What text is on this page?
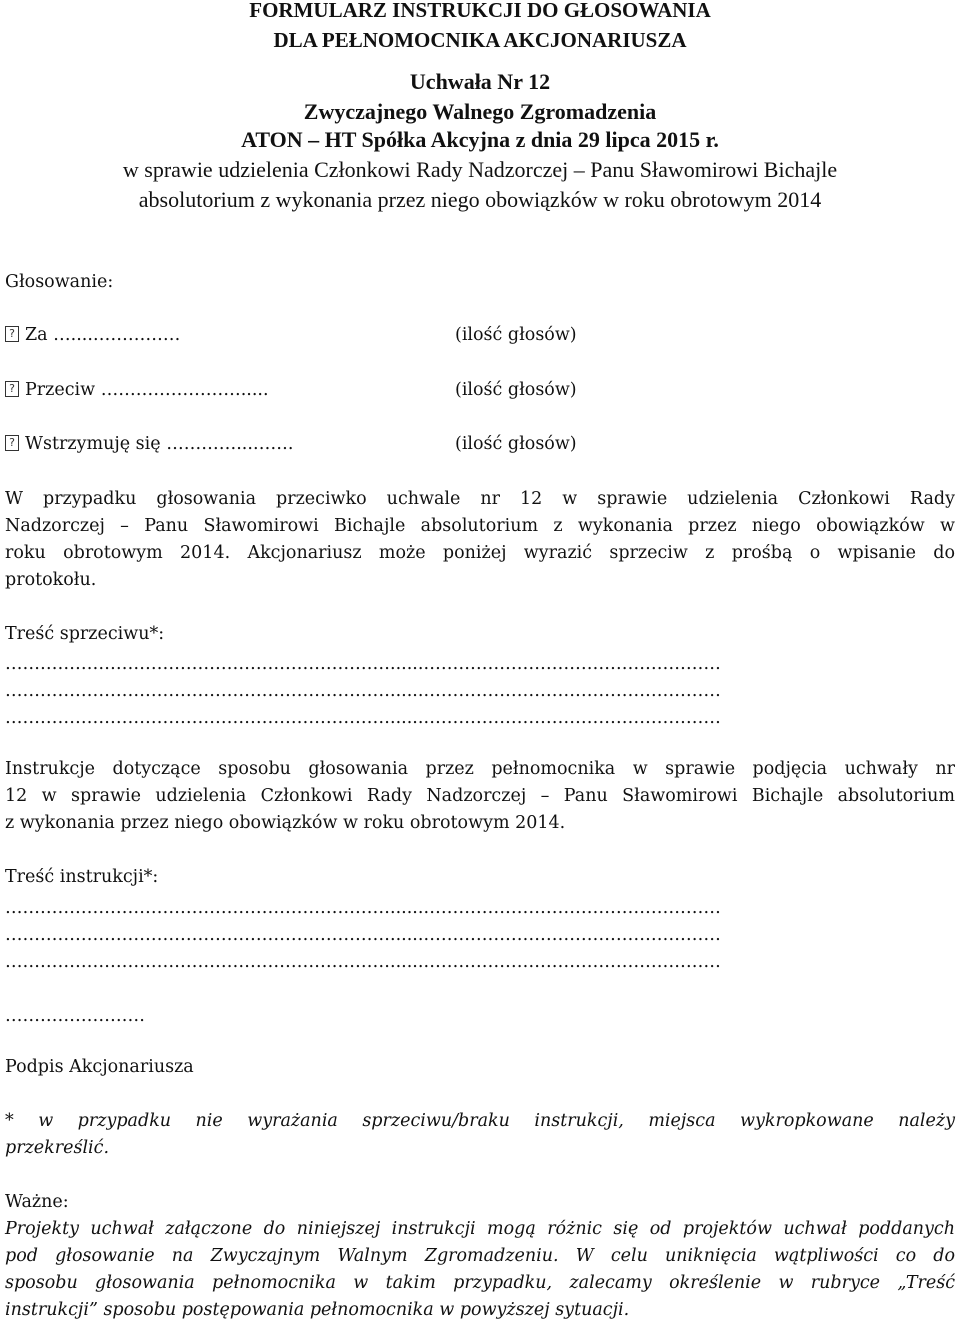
FORMULARZ INSTRUKCJI DO GŁOSOWANIA
DLA PEŁNOMOCNIKA AKCJONARIUSZA
Uchwała Nr 12
Zwyczajnego Walnego Zgromadzenia
ATON – HT Spółka Akcyjna z dnia 29 lipca 2015 r.
w sprawie udzielenia Członkowi Rady Nadzorczej – Panu Sławomirowi Bichajle
absolutorium z wykonania przez niego obowiązków w roku obrotowym 2014
Głosowanie:
?Za …....……………	(ilość głosów)
?Przeciw …………………….....	(ilość głosów)
?Wstrzymuję się …………...…….	(ilość głosów)
W przypadku głosowania przeciwko uchwale nr 12 w sprawie udzielenia Członkowi Rady
Nadzorczej – Panu Sławomirowi Bichajle absolutorium z wykonania przez niego obowiązków w
roku obrotowym 2014. Akcjonariusz może poniżej wyrazić sprzeciw z prośbą o wpisanie do
protokołu.
Treść sprzeciwu*:
…………………………………………………………......……………………………………………
…………………………………………………………......……………………………………………
…………………………………………………………......……………………………………………
Instrukcje dotyczące sposobu głosowania przez pełnomocnika w sprawie podjęcia uchwały nr
12 w sprawie udzielenia Członkowi Rady Nadzorczej – Panu Sławomirowi Bichajle absolutorium
z wykonania przez niego obowiązków w roku obrotowym 2014.
Treść instrukcji*:
…………………………………………………………......……………………………………………
…………………………………………………………......……………………………………………
…………………………………………………………......……………………………………………
……………………
Podpis Akcjonariusza
* w przypadku nie wyrażania sprzeciwu/braku instrukcji, miejsca wykropkowane należy
przekreślić.
Ważne:
Projekty uchwał załączone do niniejszej instrukcji mogą różnic się od projektów uchwał poddanych
pod głosowanie na Zwyczajnym Walnym Zgromadzeniu. W celu uniknięcia wątpliwości co do
sposobu głosowania pełnomocnika w takim przypadku, zalecamy określenie w rubryce „Treść
instrukcji” sposobu postępowania pełnomocnika w powyższej sytuacji.
